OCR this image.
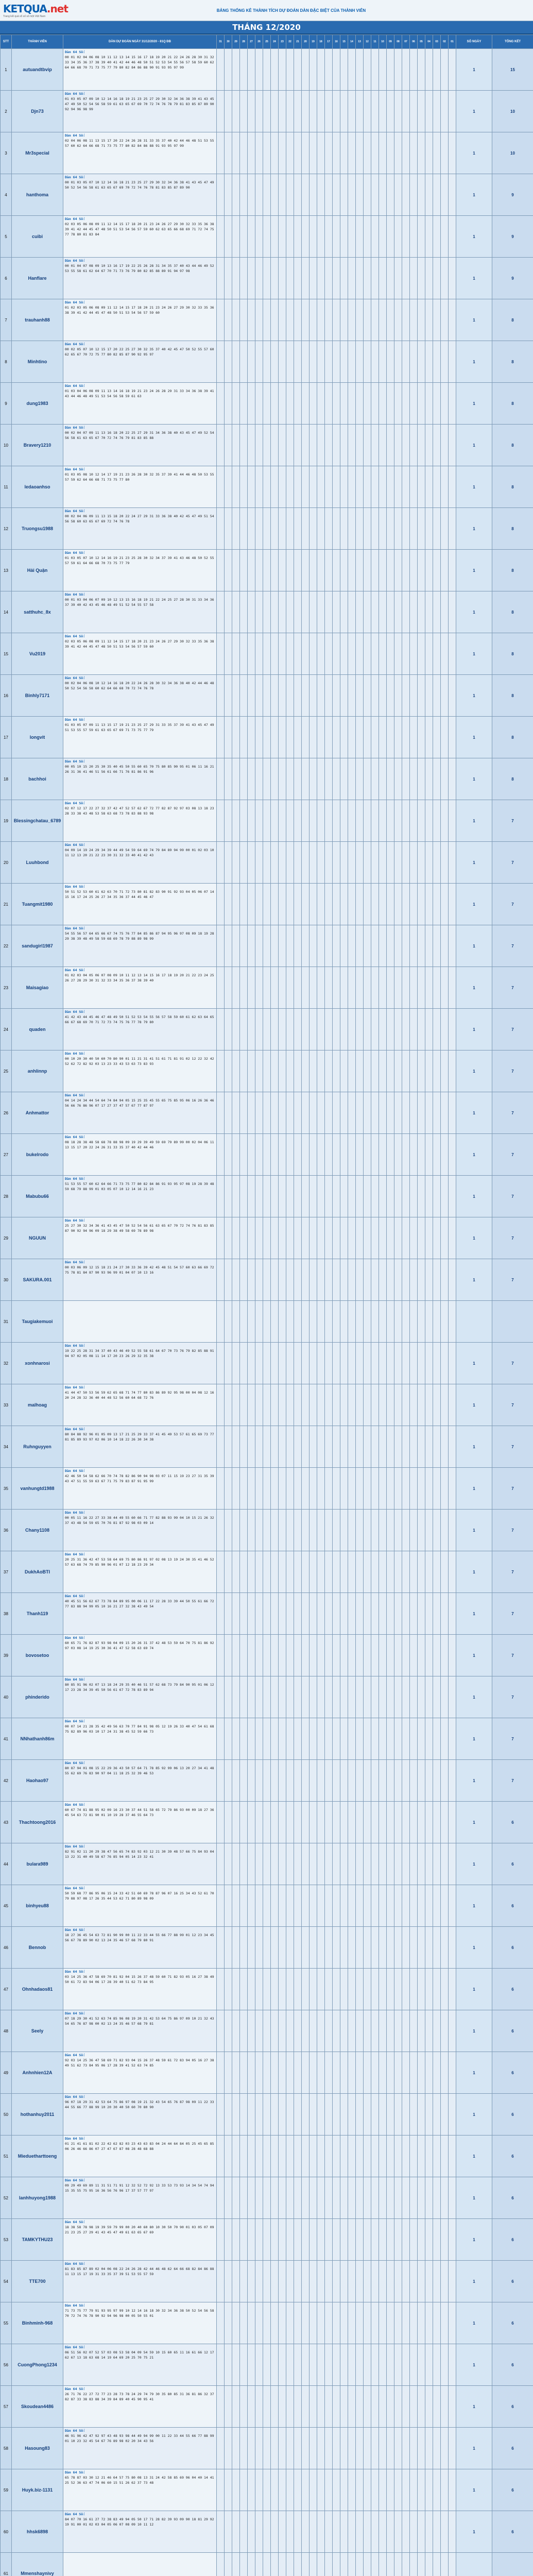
KETQUA.net
Trang kết quả xổ số số một Việt Nam
BẢNG THỐNG KÊ THÀNH TÍCH DỰ ĐOÁN DÀN ĐẶC BIỆT CỦA THÀNH VIÊN
THÁNG 12/2020
STT	THÀNH VIÊN	DÀN DỰ ĐOÁN NGÀY 31/12/2020 - 81Q ĐB	31	30	29	28	27	26	25	24	23	22	21	20	19	18	17	16	15	14	13	12	11	10	09	08	07	06	05	04	03	02	01	SỐ NGÀY	TỔNG KẾT
1	autuandtbvip	Dàn 64 Số:
00 01 02 04 06 08 10 11 12 13 14 15 16 17 18 19 20 21 22 24 26 28 30 31 32 33 34 35 36 37 38 39 40 41 42 44 46 48 50 51 52 53 54 55 56 57 58 59 60 62 64 66 68 70 71 73 75 77 79 80 82 84 86 88 90 91 93 95 97 99																																1	15
2	Djn73	Dàn 64 Số:
01 03 05 07 09 10 12 14 16 18 19 21 23 25 27 29 30 32 34 36 38 39 41 43 45 47 49 50 52 54 56 58 59 61 63 65 67 69 70 72 74 76 78 79 81 83 85 87 89 90 92 94 96 98 99																																1	10
3	Mr3special	Dàn 64 Số:
02 04 06 08 11 13 15 17 20 22 24 26 28 31 33 35 37 40 42 44 46 48 51 53 55 57 60 62 64 66 68 71 73 75 77 80 82 84 86 88 91 93 95 97 99																																1	10
4	hanthoma	Dàn 64 Số:
00 01 03 05 07 10 12 14 16 18 21 23 25 27 29 30 32 34 36 38 41 43 45 47 49 50 52 54 56 58 61 63 65 67 69 70 72 74 76 78 81 83 85 87 89 90																																1	9
5	cuibi	Dàn 64 Số:
02 03 05 06 08 09 11 12 14 15 17 18 20 21 23 24 26 27 29 30 32 33 35 36 38 39 41 42 44 45 47 48 50 51 53 54 56 57 59 60 62 63 65 66 68 69 71 72 74 75 77 78 80 81 83 84																																1	9
6	Hanflare	Dàn 64 Số:
00 01 04 07 08 09 10 13 16 17 19 22 25 26 28 31 34 35 37 40 43 44 46 49 52 53 55 58 61 62 64 67 70 71 73 76 79 80 82 85 88 89 91 94 97 98																																1	9
7	trauhanh88	Dàn 64 Số:
01 02 03 05 06 08 09 11 12 14 15 17 18 20 21 23 24 26 27 29 30 32 33 35 36 38 39 41 42 44 45 47 48 50 51 53 54 56 57 59 60																																1	8
8	Minhtino	Dàn 64 Số:
00 02 05 07 10 12 15 17 20 22 25 27 30 32 35 37 40 42 45 47 50 52 55 57 60 62 65 67 70 72 75 77 80 82 85 87 90 92 95 97																																1	8
9	dung1983	Dàn 64 Số:
01 03 04 06 08 09 11 13 14 16 18 19 21 23 24 26 28 29 31 33 34 36 38 39 41 43 44 46 48 49 51 53 54 56 58 59 61 63																																1	8
10	Bravery1210	Dàn 64 Số:
00 02 04 07 09 11 13 16 18 20 22 25 27 29 31 34 36 38 40 43 45 47 49 52 54 56 58 61 63 65 67 70 72 74 76 79 81 83 85 88																																1	8
11	ledaoanhso	Dàn 64 Số:
01 03 05 08 10 12 14 17 19 21 23 26 28 30 32 35 37 39 41 44 46 48 50 53 55 57 59 62 64 66 68 71 73 75 77 80																																1	8
12	Truongsu1988	Dàn 64 Số:
00 02 04 06 09 11 13 15 18 20 22 24 27 29 31 33 36 38 40 42 45 47 49 51 54 56 58 60 63 65 67 69 72 74 76 78																																1	8
13	Hải Quận	Dàn 64 Số:
01 03 05 07 10 12 14 16 19 21 23 25 28 30 32 34 37 39 41 43 46 48 50 52 55 57 59 61 64 66 68 70 73 75 77 79																																1	8
14	satthuhc_8x	Dàn 64 Số:
00 01 03 04 06 07 09 10 12 13 15 16 18 19 21 22 24 25 27 28 30 31 33 34 36 37 39 40 42 43 45 46 48 49 51 52 54 55 57 58																																1	8
15	Vu2019	Dàn 64 Số:
02 03 05 06 08 09 11 12 14 15 17 18 20 21 23 24 26 27 29 30 32 33 35 36 38 39 41 42 44 45 47 48 50 51 53 54 56 57 59 60																																1	8
16	Binhly7171	Dàn 64 Số:
00 02 04 06 08 10 12 14 16 18 20 22 24 26 28 30 32 34 36 38 40 42 44 46 48 50 52 54 56 58 60 62 64 66 68 70 72 74 76 78																																1	8
17	longvit	Dàn 64 Số:
01 03 05 07 09 11 13 15 17 19 21 23 25 27 29 31 33 35 37 39 41 43 45 47 49 51 53 55 57 59 61 63 65 67 69 71 73 75 77 79																																1	8
18	bachhoi	Dàn 64 Số:
00 05 10 15 20 25 30 35 40 45 50 55 60 65 70 75 80 85 90 95 01 06 11 16 21 26 31 36 41 46 51 56 61 66 71 76 81 86 91 96																																1	8
19	Blessingchatau_6789	Dàn 64 Số:
02 07 12 17 22 27 32 37 42 47 52 57 62 67 72 77 82 87 92 97 03 08 13 18 23 28 33 38 43 48 53 58 63 68 73 78 83 88 93 98																																1	7
20	Luuhbond	Dàn 64 Số:
04 09 14 19 24 29 34 39 44 49 54 59 64 69 74 79 84 89 94 99 00 01 02 03 10 11 12 13 20 21 22 23 30 31 32 33 40 41 42 43																																1	7
21	Tuangmit1980	Dàn 64 Số:
50 51 52 53 60 61 62 63 70 71 72 73 80 81 82 83 90 91 92 93 04 05 06 07 14 15 16 17 24 25 26 27 34 35 36 37 44 45 46 47																																1	7
22	sandugirl1987	Dàn 64 Số:
54 55 56 57 64 65 66 67 74 75 76 77 84 85 86 87 94 95 96 97 08 09 18 19 28 29 38 39 48 49 58 59 68 69 78 79 88 89 98 99																																1	7
23	Maisagiao	Dàn 64 Số:
01 02 03 04 05 06 07 08 09 10 11 12 13 14 15 16 17 18 19 20 21 22 23 24 25 26 27 28 29 30 31 32 33 34 35 36 37 38 39 40																																1	7
24	quaden	Dàn 64 Số:
41 42 43 44 45 46 47 48 49 50 51 52 53 54 55 56 57 58 59 60 61 62 63 64 65 66 67 68 69 70 71 72 73 74 75 76 77 78 79 80																																1	7
25	anhlinnp	Dàn 64 Số:
00 10 20 30 40 50 60 70 80 90 01 11 21 31 41 51 61 71 81 91 02 12 22 32 42 52 62 72 82 92 03 13 23 33 43 53 63 73 83 93																																1	7
26	Anhmattor	Dàn 64 Số:
04 14 24 34 44 54 64 74 84 94 05 15 25 35 45 55 65 75 85 95 06 16 26 36 46 56 66 76 86 96 07 17 27 37 47 57 67 77 87 97																																1	7
27	bukelrodo	Dàn 64 Số:
08 18 28 38 48 58 68 78 88 98 09 19 29 39 49 59 69 79 89 99 00 02 04 06 11 13 15 17 20 22 24 26 31 33 35 37 40 42 44 46																																1	7
28	Mabubu66	Dàn 64 Số:
51 53 55 57 60 62 64 66 71 73 75 77 80 82 84 86 91 93 95 97 08 19 28 39 48 59 68 79 88 99 01 03 05 07 10 12 14 16 21 23																																1	7
29	NGUUN	Dàn 64 Số:
25 27 30 32 34 36 41 43 45 47 50 52 54 56 61 63 65 67 70 72 74 76 81 83 85 87 90 92 94 96 09 18 29 38 49 58 69 78 89 98																																1	7
30	SAKURA.001	Dàn 64 Số:
00 03 06 09 12 15 18 21 24 27 30 33 36 39 42 45 48 51 54 57 60 63 66 69 72 75 78 81 84 87 90 93 96 99 01 04 07 10 13 16																																1	7
31	Taugiakemuoi																																		
32	xonhnarosi	Dàn 64 Số:
19 22 25 28 31 34 37 40 43 46 49 52 55 58 61 64 67 70 73 76 79 82 85 88 91 94 97 02 05 08 11 14 17 20 23 26 29 32 35 38																																1	7
33	malhoag	Dàn 64 Số:
41 44 47 50 53 56 59 62 65 68 71 74 77 80 83 86 89 92 95 98 00 04 08 12 16 20 24 28 32 36 40 44 48 52 56 60 64 68 72 76																																1	7
34	Ruhnguyyen	Dàn 64 Số:
80 84 88 92 96 01 05 09 13 17 21 25 29 33 37 41 45 49 53 57 61 65 69 73 77 81 85 89 93 97 02 06 10 14 18 22 26 30 34 38																																1	7
35	vanhungtd1988	Dàn 64 Số:
42 46 50 54 58 62 66 70 74 78 82 86 90 94 98 03 07 11 15 19 23 27 31 35 39 43 47 51 55 59 63 67 71 75 79 83 87 91 95 99																																1	7
36	Chany1108	Dàn 64 Số:
00 05 11 16 22 27 33 38 44 49 55 60 66 71 77 82 88 93 99 04 10 15 21 26 32 37 43 48 54 59 65 70 76 81 87 92 98 03 09 14																																1	7
37	DukhAoBTI	Dàn 64 Số:
20 25 31 36 42 47 53 58 64 69 75 80 86 91 97 02 08 13 19 24 30 35 41 46 52 57 63 68 74 79 85 90 96 01 07 12 18 23 29 34																																1	7
38	Thanh119	Dàn 64 Số:
40 45 51 56 62 67 73 78 84 89 95 00 06 11 17 22 28 33 39 44 50 55 61 66 72 77 83 88 94 99 05 10 16 21 27 32 38 43 49 54																																1	7
39	bovosetoo	Dàn 64 Số:
60 65 71 76 82 87 93 98 04 09 15 20 26 31 37 42 48 53 59 64 70 75 81 86 92 97 03 08 14 19 25 30 36 41 47 52 58 63 69 74																																1	7
40	phinderido	Dàn 64 Số:
80 85 91 96 02 07 13 18 24 29 35 40 46 51 57 62 68 73 79 84 90 95 01 06 12 17 23 28 34 39 45 50 56 61 67 72 78 83 89 94																																1	7
41	NNhathanh86m	Dàn 64 Số:
00 07 14 21 28 35 42 49 56 63 70 77 84 91 98 05 12 19 26 33 40 47 54 61 68 75 82 89 96 03 10 17 24 31 38 45 52 59 66 73																																1	7
42	Haohao97	Dàn 64 Số:
80 87 94 01 08 15 22 29 36 43 50 57 64 71 78 85 92 99 06 13 20 27 34 41 48 55 62 69 76 83 90 97 04 11 18 25 32 39 46 53																																1	7
43	Thachtoong2016	Dàn 64 Số:
60 67 74 81 88 95 02 09 16 23 30 37 44 51 58 65 72 79 86 93 00 09 18 27 36 45 54 63 72 81 90 01 10 19 28 37 46 55 64 73																																1	6
44	bulara989	Dàn 64 Số:
82 91 02 11 20 29 38 47 56 65 74 83 92 03 12 21 30 39 48 57 66 75 84 93 04 13 22 31 40 49 58 67 76 85 94 05 14 23 32 41																																1	6
45	binhyeu88	Dàn 64 Số:
50 59 68 77 86 95 06 15 24 33 42 51 60 69 78 87 96 07 16 25 34 43 52 61 70 79 88 97 08 17 26 35 44 53 62 71 80 89 98 09																																1	6
46	Bennob	Dàn 64 Số:
18 27 36 45 54 63 72 81 90 99 00 11 22 33 44 55 66 77 88 99 01 12 23 34 45 56 67 78 89 90 02 13 24 35 46 57 68 79 80 91																																1	6
47	Ohnhadaos81	Dàn 64 Số:
03 14 25 36 47 58 69 70 81 92 04 15 26 37 48 59 60 71 82 93 05 16 27 38 49 50 61 72 83 94 06 17 28 39 40 51 62 73 84 95																																1	6
48	Seely	Dàn 64 Số:
07 18 29 30 41 52 63 74 85 96 08 19 20 31 42 53 64 75 86 97 09 10 21 32 43 54 65 76 87 98 00 02 13 24 35 46 57 68 79 81																																1	6
49	Anhnhien12A	Dàn 64 Số:
92 03 14 25 36 47 58 69 71 82 93 04 15 26 37 48 59 61 72 83 94 05 16 27 38 49 51 62 73 84 95 06 17 28 39 41 52 63 74 85																																1	6
50	hothanhuy2011	Dàn 64 Số:
96 07 18 29 31 42 53 64 75 86 97 08 19 21 32 43 54 65 76 87 98 09 11 22 33 44 55 66 77 88 99 10 20 30 40 50 60 70 80 90																																1	6
51	Mieduetharttoeng	Dàn 64 Số:
01 21 41 61 81 02 22 42 62 82 03 23 43 63 83 04 24 44 64 84 05 25 45 65 85 06 26 46 66 86 07 27 47 67 87 08 28 48 68 88																																1	6
52	lanhhuyong1988	Dàn 64 Số:
09 29 49 69 89 11 31 51 71 91 12 32 52 72 92 13 33 53 73 93 14 34 54 74 94 15 35 55 75 95 16 36 56 76 96 17 37 57 77 97																																1	6
53	TAMKYTHU23	Dàn 64 Số:
18 38 58 78 98 19 39 59 79 99 00 20 40 60 80 10 30 50 70 90 01 03 05 07 09 21 23 25 27 29 41 43 45 47 49 61 63 65 67 69																																1	6
54	TTE700	Dàn 64 Số:
81 83 85 87 89 02 04 06 08 22 24 26 28 42 44 46 48 62 64 66 68 82 84 86 88 11 13 15 17 19 31 33 35 37 39 51 53 55 57 59																																1	6
55	Binhminh-968	Dàn 64 Số:
71 73 75 77 79 91 93 95 97 99 10 12 14 16 18 30 32 34 36 38 50 52 54 56 58 70 72 74 76 78 90 92 94 96 98 00 05 50 55 01																																1	6
56	CuongPhong1234	Dàn 64 Số:
06 51 56 02 07 52 57 03 08 53 58 04 09 54 59 10 15 60 65 11 16 61 66 12 17 62 67 13 18 63 68 14 19 64 69 20 25 70 75 21																																1	6
57	Skoudean4486	Dàn 64 Số:
26 71 76 22 27 72 77 23 28 73 78 24 29 74 79 30 35 80 85 31 36 81 86 32 37 82 87 33 38 83 88 34 39 84 89 40 45 90 95 41																																1	6
58	Hasoung83	Dàn 64 Số:
46 91 96 42 47 92 97 43 48 93 98 44 49 94 99 00 11 22 33 44 55 66 77 88 99 01 10 23 32 45 54 67 76 89 98 02 20 34 43 56																																1	6
59	Huyk.biz-1131	Dàn 64 Số:
65 78 87 03 30 12 21 46 64 57 75 80 08 13 31 24 42 58 85 69 96 04 40 14 41 25 52 36 63 47 74 06 60 15 51 26 62 37 73 48																																1	6
60	hhsk6898	Dàn 64 Số:
84 07 70 16 61 27 72 38 83 49 94 05 50 17 71 28 82 39 93 09 90 18 81 29 92 19 91 00 01 02 03 04 05 06 07 08 09 10 11 12																																1	6
61	Mmenshaynivy																																		
